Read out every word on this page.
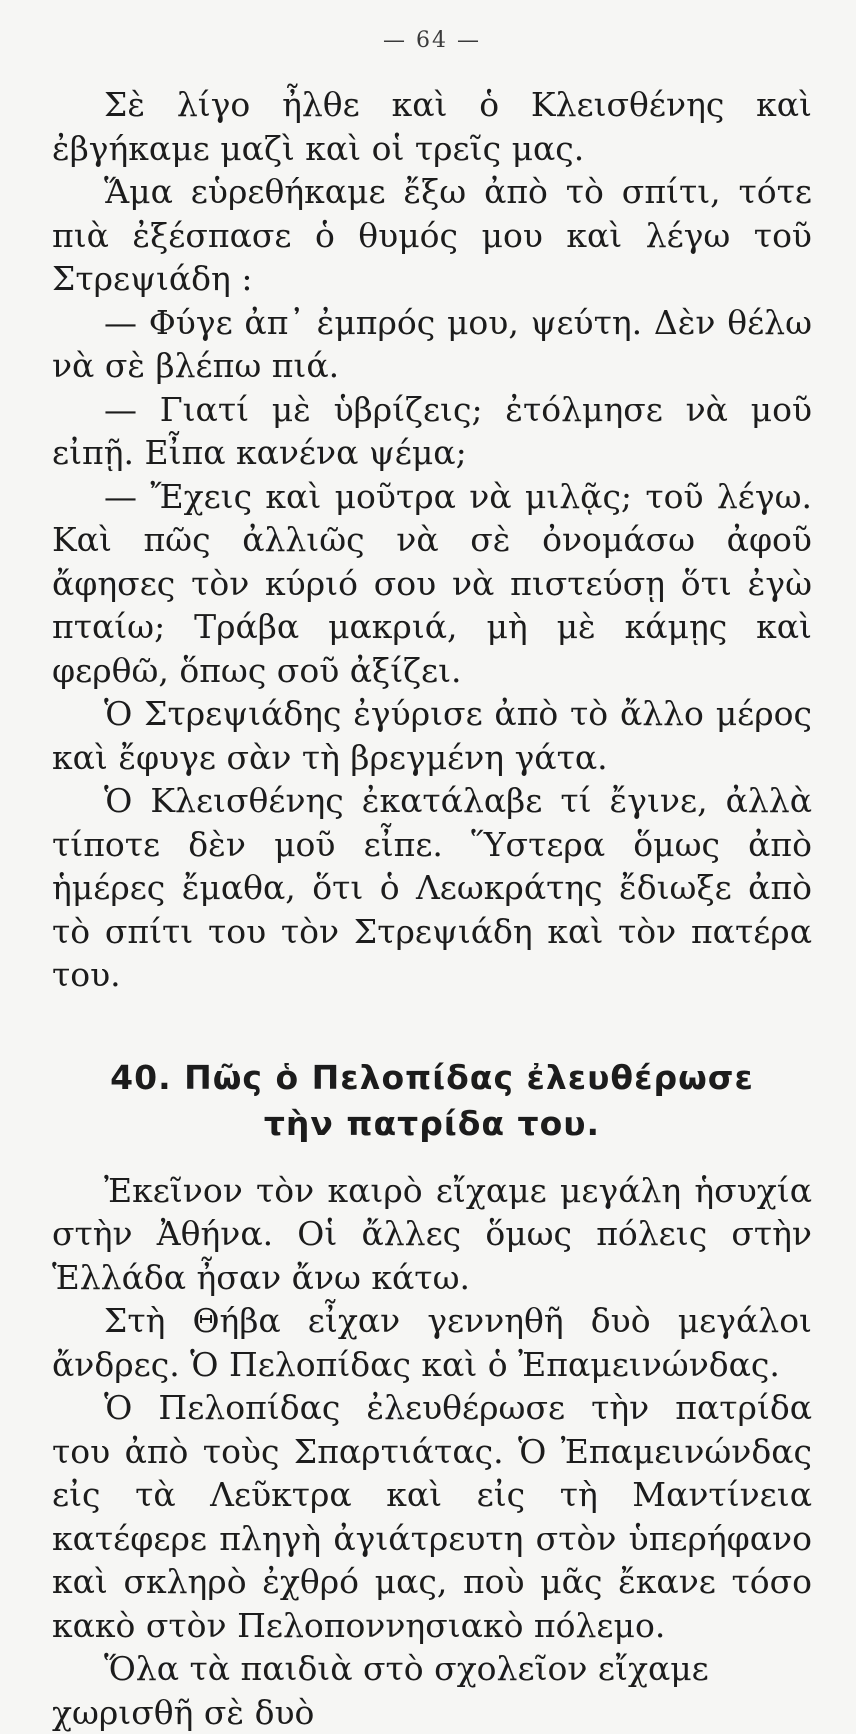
— 64 —

Σὲ λίγο ἦλθε καὶ ὁ Κλεισθένης καὶ ἐβγήκαμε μαζὶ καὶ οἱ τρεῖς μας.

Ἅμα εὑρεθήκαμε ἔξω ἀπὸ τὸ σπίτι, τότε πιὰ ἐξέσπασε ὁ θυμός μου καὶ λέγω τοῦ Στρεψιάδη :

— Φύγε ἀπ᾽ ἐμπρός μου, ψεύτη. Δὲν θέλω νὰ σὲ βλέπω πιά.

— Γιατί μὲ ὑβρίζεις; ἐτόλμησε νὰ μοῦ εἰπῇ. Εἶπα κανένα ψέμα;

— Ἔχεις καὶ μοῦτρα νὰ μιλᾷς; τοῦ λέγω. Καὶ πῶς ἀλλιῶς νὰ σὲ ὀνομάσω ἀφοῦ ἄφησες τὸν κύριό σου νὰ πιστεύσῃ ὅτι ἐγὼ πταίω; Τράβα μακριά, μὴ μὲ κάμῃς καὶ φερθῶ, ὅπως σοῦ ἀξίζει.

Ὁ Στρεψιάδης ἐγύρισε ἀπὸ τὸ ἄλλο μέρος καὶ ἔφυγε σὰν τὴ βρεγμένη γάτα.

Ὁ Κλεισθένης ἐκατάλαβε τί ἔγινε, ἀλλὰ τίποτε δὲν μοῦ εἶπε. Ὕστερα ὅμως ἀπὸ ἡμέρες ἔμαθα, ὅτι ὁ Λεωκράτης ἔδιωξε ἀπὸ τὸ σπίτι του τὸν Στρεψιάδη καὶ τὸν πατέρα του.

40. Πῶς ὁ Πελοπίδας ἐλευθέρωσε
τὴν πατρίδα του.

Ἐκεῖνον τὸν καιρὸ εἴχαμε μεγάλη ἡσυχία στὴν Ἀθήνα. Οἱ ἄλλες ὅμως πόλεις στὴν Ἑλλάδα ἦσαν ἄνω κάτω.

Στὴ Θήβα εἶχαν γεννηθῆ δυὸ μεγάλοι ἄνδρες. Ὁ Πελοπίδας καὶ ὁ Ἐπαμεινώνδας.

Ὁ Πελοπίδας ἐλευθέρωσε τὴν πατρίδα του ἀπὸ τοὺς Σπαρτιάτας. Ὁ Ἐπαμεινώνδας εἰς τὰ Λεῦκτρα καὶ εἰς τὴ Μαντίνεια κατέφερε πληγὴ ἀγιάτρευτη στὸν ὑπερήφανο καὶ σκληρὸ ἐχθρό μας, ποὺ μᾶς ἔκανε τόσο κακὸ στὸν Πελοποννησιακὸ πόλεμο.

Ὅλα τὰ παιδιὰ στὸ σχολεῖον εἴχαμε χωρισθῆ σὲ δυὸ
